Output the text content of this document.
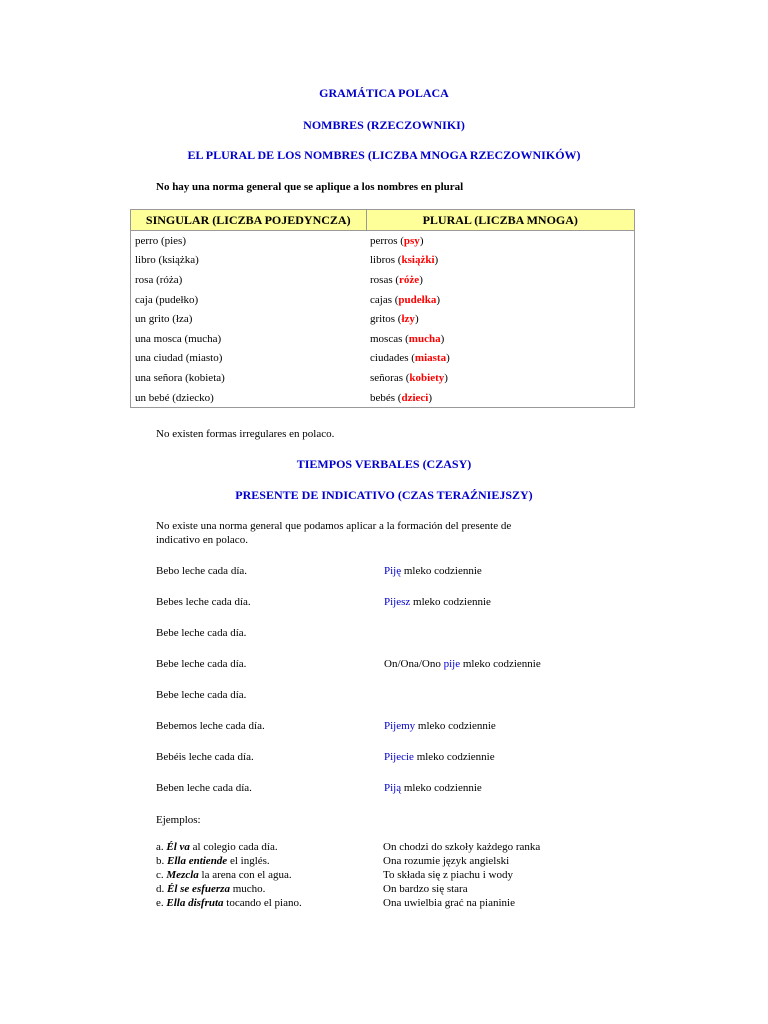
GRAMÁTICA POLACA
NOMBRES (RZECZOWNIKI)
EL PLURAL DE LOS NOMBRES (LICZBA MNOGA RZECZOWNIKÓW)
No hay una norma general que se aplique a los nombres en plural
SINGULAR (LICZBA POJEDYNCZA)	PLURAL (LICZBA MNOGA)
perro (pies)	perros (psy)
libro (książka)	libros (książki)
rosa (róża)	rosas (róże)
caja (pudełko)	cajas (pudełka)
un grito (łza)	gritos (łzy)
una mosca (mucha)	moscas (mucha)
una ciudad (miasto)	ciudades (miasta)
una señora (kobieta)	señoras (kobiety)
un bebé (dziecko)	bebés (dzieci)
No existen formas irregulares en polaco.
TIEMPOS VERBALES (CZASY)
PRESENTE DE INDICATIVO (CZAS TERAŹNIEJSZY)
No existe una norma general que podamos aplicar a la formación del presente de
indicativo en polaco.
Bebo leche cada día.	Piję mleko codziennie
Bebes leche cada día.	Pijesz mleko codziennie
Bebe leche cada día.
Bebe leche cada día.	On/Ona/Ono pije mleko codziennie
Bebe leche cada día.
Bebemos leche cada día.	Pijemy mleko codziennie
Bebéis leche cada día.	Pijecie mleko codziennie
Beben leche cada día.	Piją mleko codziennie
Ejemplos:
a. Él va al colegio cada día.	On chodzi do szkoły każdego ranka
b. Ella entiende el inglés.	Ona rozumie język angielski
c. Mezcla la arena con el agua.	To składa się z piachu i wody
d. Él se esfuerza mucho.	On bardzo się stara
e. Ella disfruta tocando el piano.	Ona uwielbia grać na pianinie
